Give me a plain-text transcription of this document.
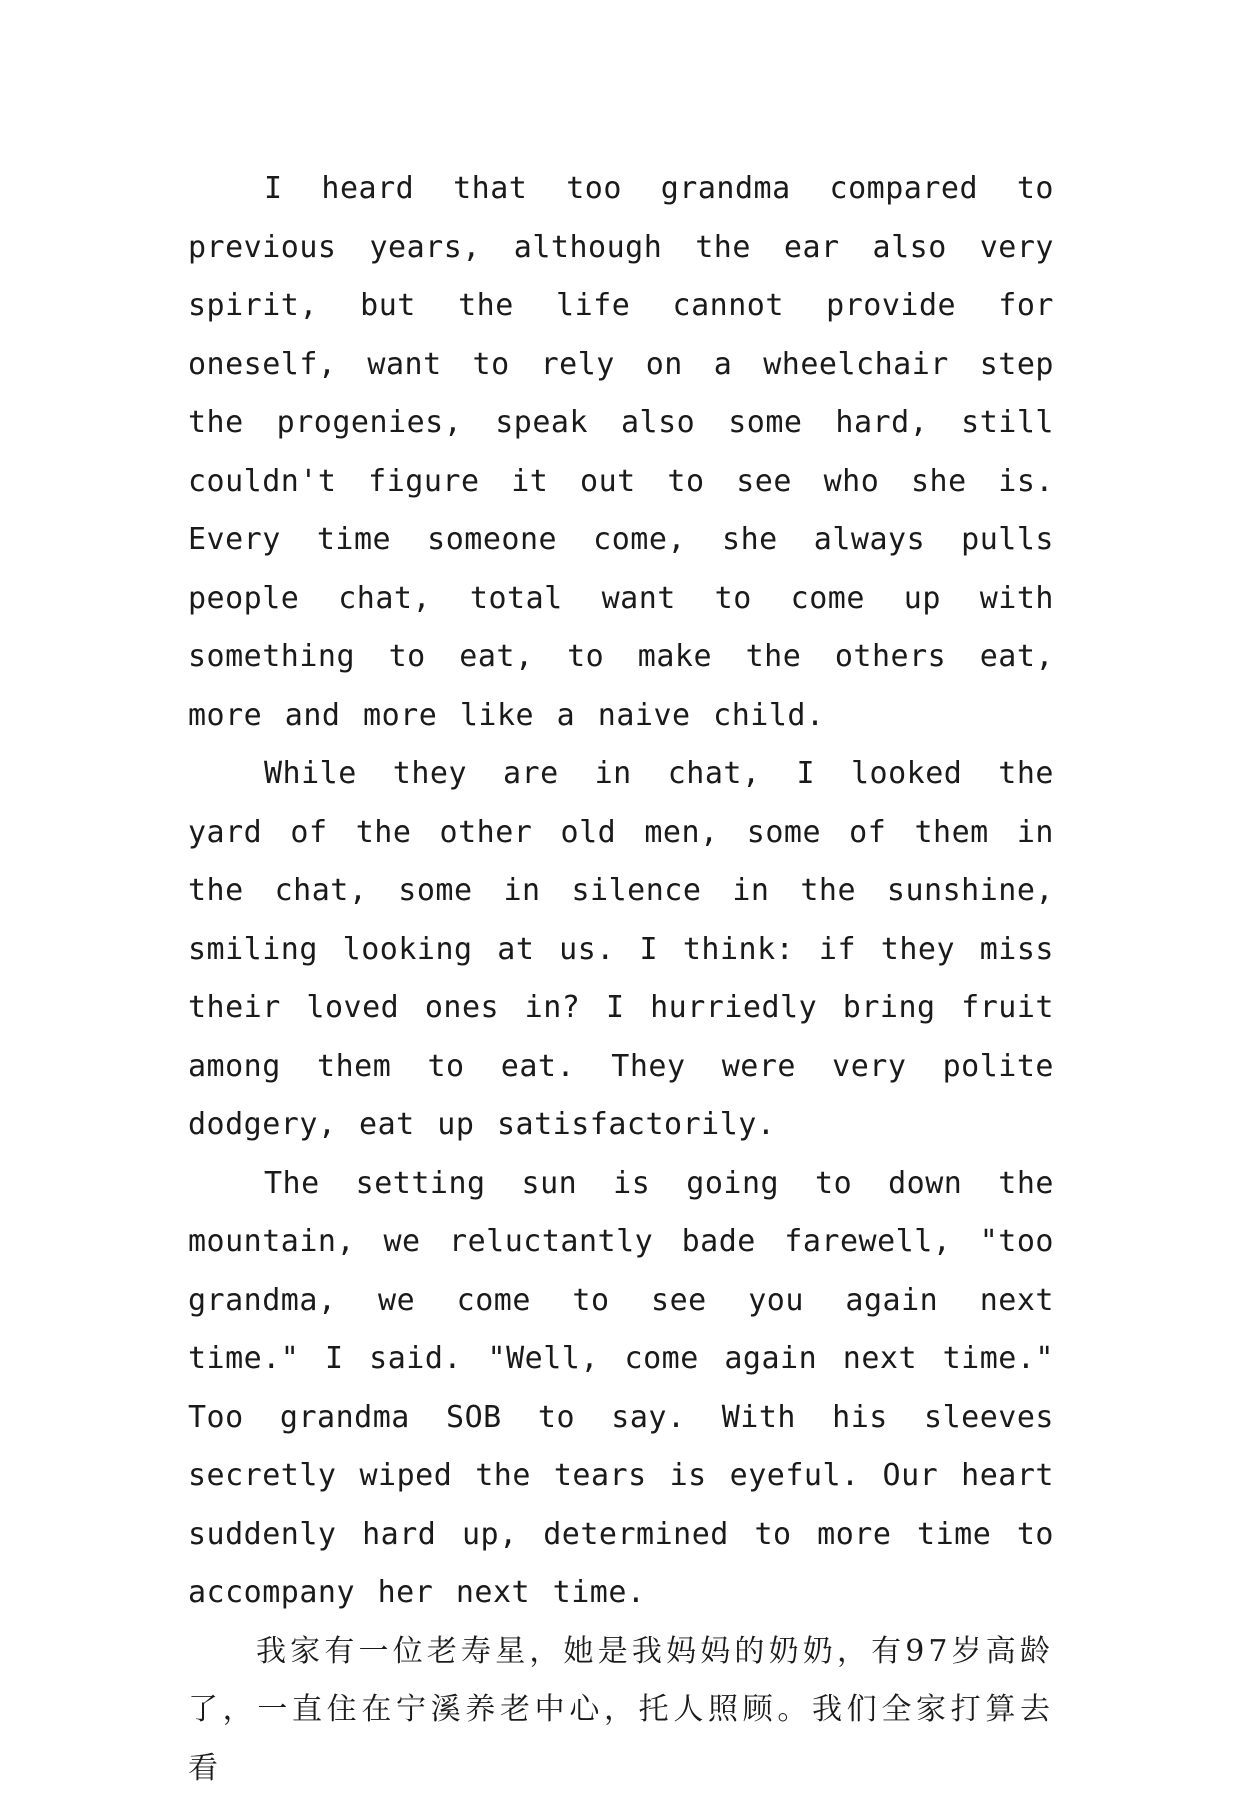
I heard that too grandma compared to previous years, although the ear also very spirit, but the life cannot provide for oneself, want to rely on a wheelchair step the progenies, speak also some hard, still couldn't figure it out to see who she is. Every time someone come, she always pulls people chat, total want to come up with something to eat, to make the others eat, more and more like a naive child.

While they are in chat, I looked the yard of the other old men, some of them in the chat, some in silence in the sunshine, smiling looking at us. I think: if they miss their loved ones in? I hurriedly bring fruit among them to eat. They were very polite dodgery, eat up satisfactorily.

The setting sun is going to down the mountain, we reluctantly bade farewell, "too grandma, we come to see you again next time." I said. "Well, come again next time." Too grandma SOB to say. With his sleeves secretly wiped the tears is eyeful. Our heart suddenly hard up, determined to more time to accompany her next time.

我家有一位老寿星，她是我妈妈的奶奶，有97岁高龄了，一直住在宁溪养老中心，托人照顾。我们全家打算去看
